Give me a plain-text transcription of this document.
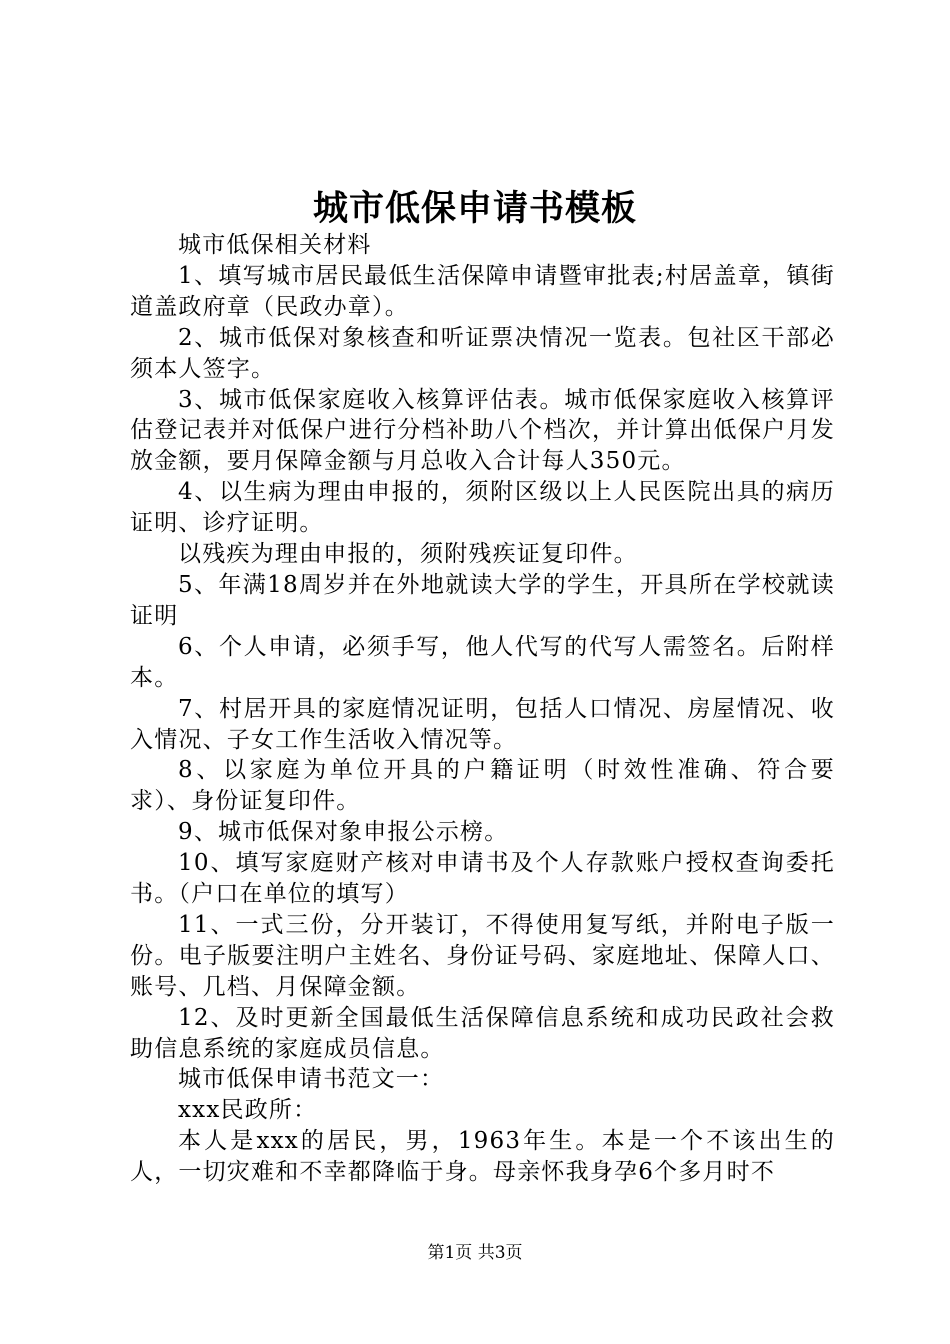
城市低保申请书模板

城市低保相关材料

1、填写城市居民最低生活保障申请暨审批表;村居盖章，镇街道盖政府章（民政办章）。

2、城市低保对象核查和听证票决情况一览表。包社区干部必须本人签字。

3、城市低保家庭收入核算评估表。城市低保家庭收入核算评估登记表并对低保户进行分档补助八个档次，并计算出低保户月发放金额，要月保障金额与月总收入合计每人350元。

4、以生病为理由申报的，须附区级以上人民医院出具的病历证明、诊疗证明。

以残疾为理由申报的，须附残疾证复印件。

5、年满18周岁并在外地就读大学的学生，开具所在学校就读证明

6、个人申请，必须手写，他人代写的代写人需签名。后附样本。

7、村居开具的家庭情况证明，包括人口情况、房屋情况、收入情况、子女工作生活收入情况等。

8、以家庭为单位开具的户籍证明（时效性准确、符合要求）、身份证复印件。

9、城市低保对象申报公示榜。

10、填写家庭财产核对申请书及个人存款账户授权查询委托书。（户口在单位的填写）

11、一式三份，分开装订，不得使用复写纸，并附电子版一份。电子版要注明户主姓名、身份证号码、家庭地址、保障人口、账号、几档、月保障金额。

12、及时更新全国最低生活保障信息系统和成功民政社会救助信息系统的家庭成员信息。

城市低保申请书范文一：

xxx民政所：

本人是xxx的居民，男，1963年生。本是一个不该出生的人，一切灾难和不幸都降临于身。母亲怀我身孕6个多月时不

第1页 共3页
